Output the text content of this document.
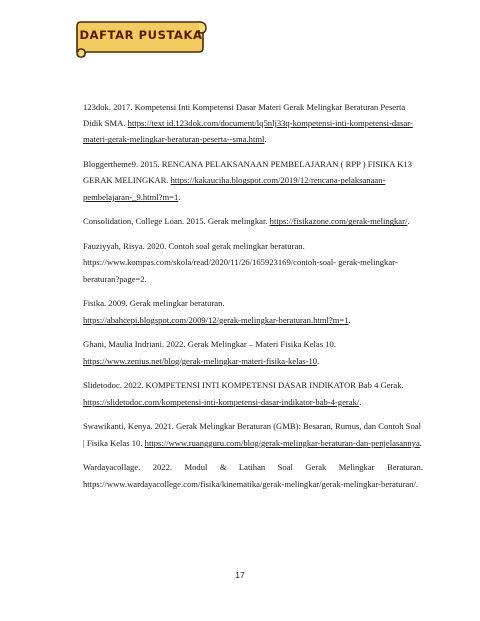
DAFTAR PUSTAKA

123dok. 2017. Kompetensi Inti Kompetensi Dasar Materi Gerak Melingkar Beraturan Peserta Didik SMA. https://text id.123dok.com/document/lq5nlj33q-kompetensi-inti-kompetensi-dasar-materi-gerak-melingkar-beraturan-peserta--sma.html.

Bloggertheme9. 2015. RENCANA PELAKSANAAN PEMBELAJARAN ( RPP ) FISIKA K13 GERAK MELINGKAR. https://kakauciha.blogspot.com/2019/12/rencana-pelaksanaan-pembelajaran-_9.html?m=1.

Consolidation, College Loan. 2015. Gerak melingkar. https://fisikazone.com/gerak-melingkar/.

Fauziyyah, Risya. 2020. Contoh soal gerak melingkar beraturan. https://www.kompas.com/skola/read/2020/11/26/165923169/contoh-soal- gerak-melingkar-beraturan?page=2.

Fisika. 2009. Gerak melingkar beraturan.
https://abahcepi.blogspot.com/2009/12/gerak-melingkar-beraturan.html?m=1.

Ghani, Maulia Indriani. 2022. Gerak Melingkar – Materi Fisika Kelas 10.
https://www.zenius.net/blog/gerak-melingkar-materi-fisika-kelas-10.

Slidetodoc. 2022. KOMPETENSI INTI KOMPETENSI DASAR INDIKATOR Bab 4 Gerak. https://slidetodoc.com/kompetensi-inti-kompetensi-dasar-indikator-bab-4-gerak/.

Swawikanti, Kenya. 2021. Gerak Melingkar Beraturan (GMB): Besaran, Rumus, dan Contoh Soal | Fisika Kelas 10. https://www.ruangguru.com/blog/gerak-melingkar-beraturan-dan-penjelasannya.

Wardayacollage. 2022. Modul & Latihan Soal Gerak Melingkar Beraturan. https://www.wardayacollege.com/fisika/kinematika/gerak-melingkar/gerak-melingkar-beraturan/.

17
